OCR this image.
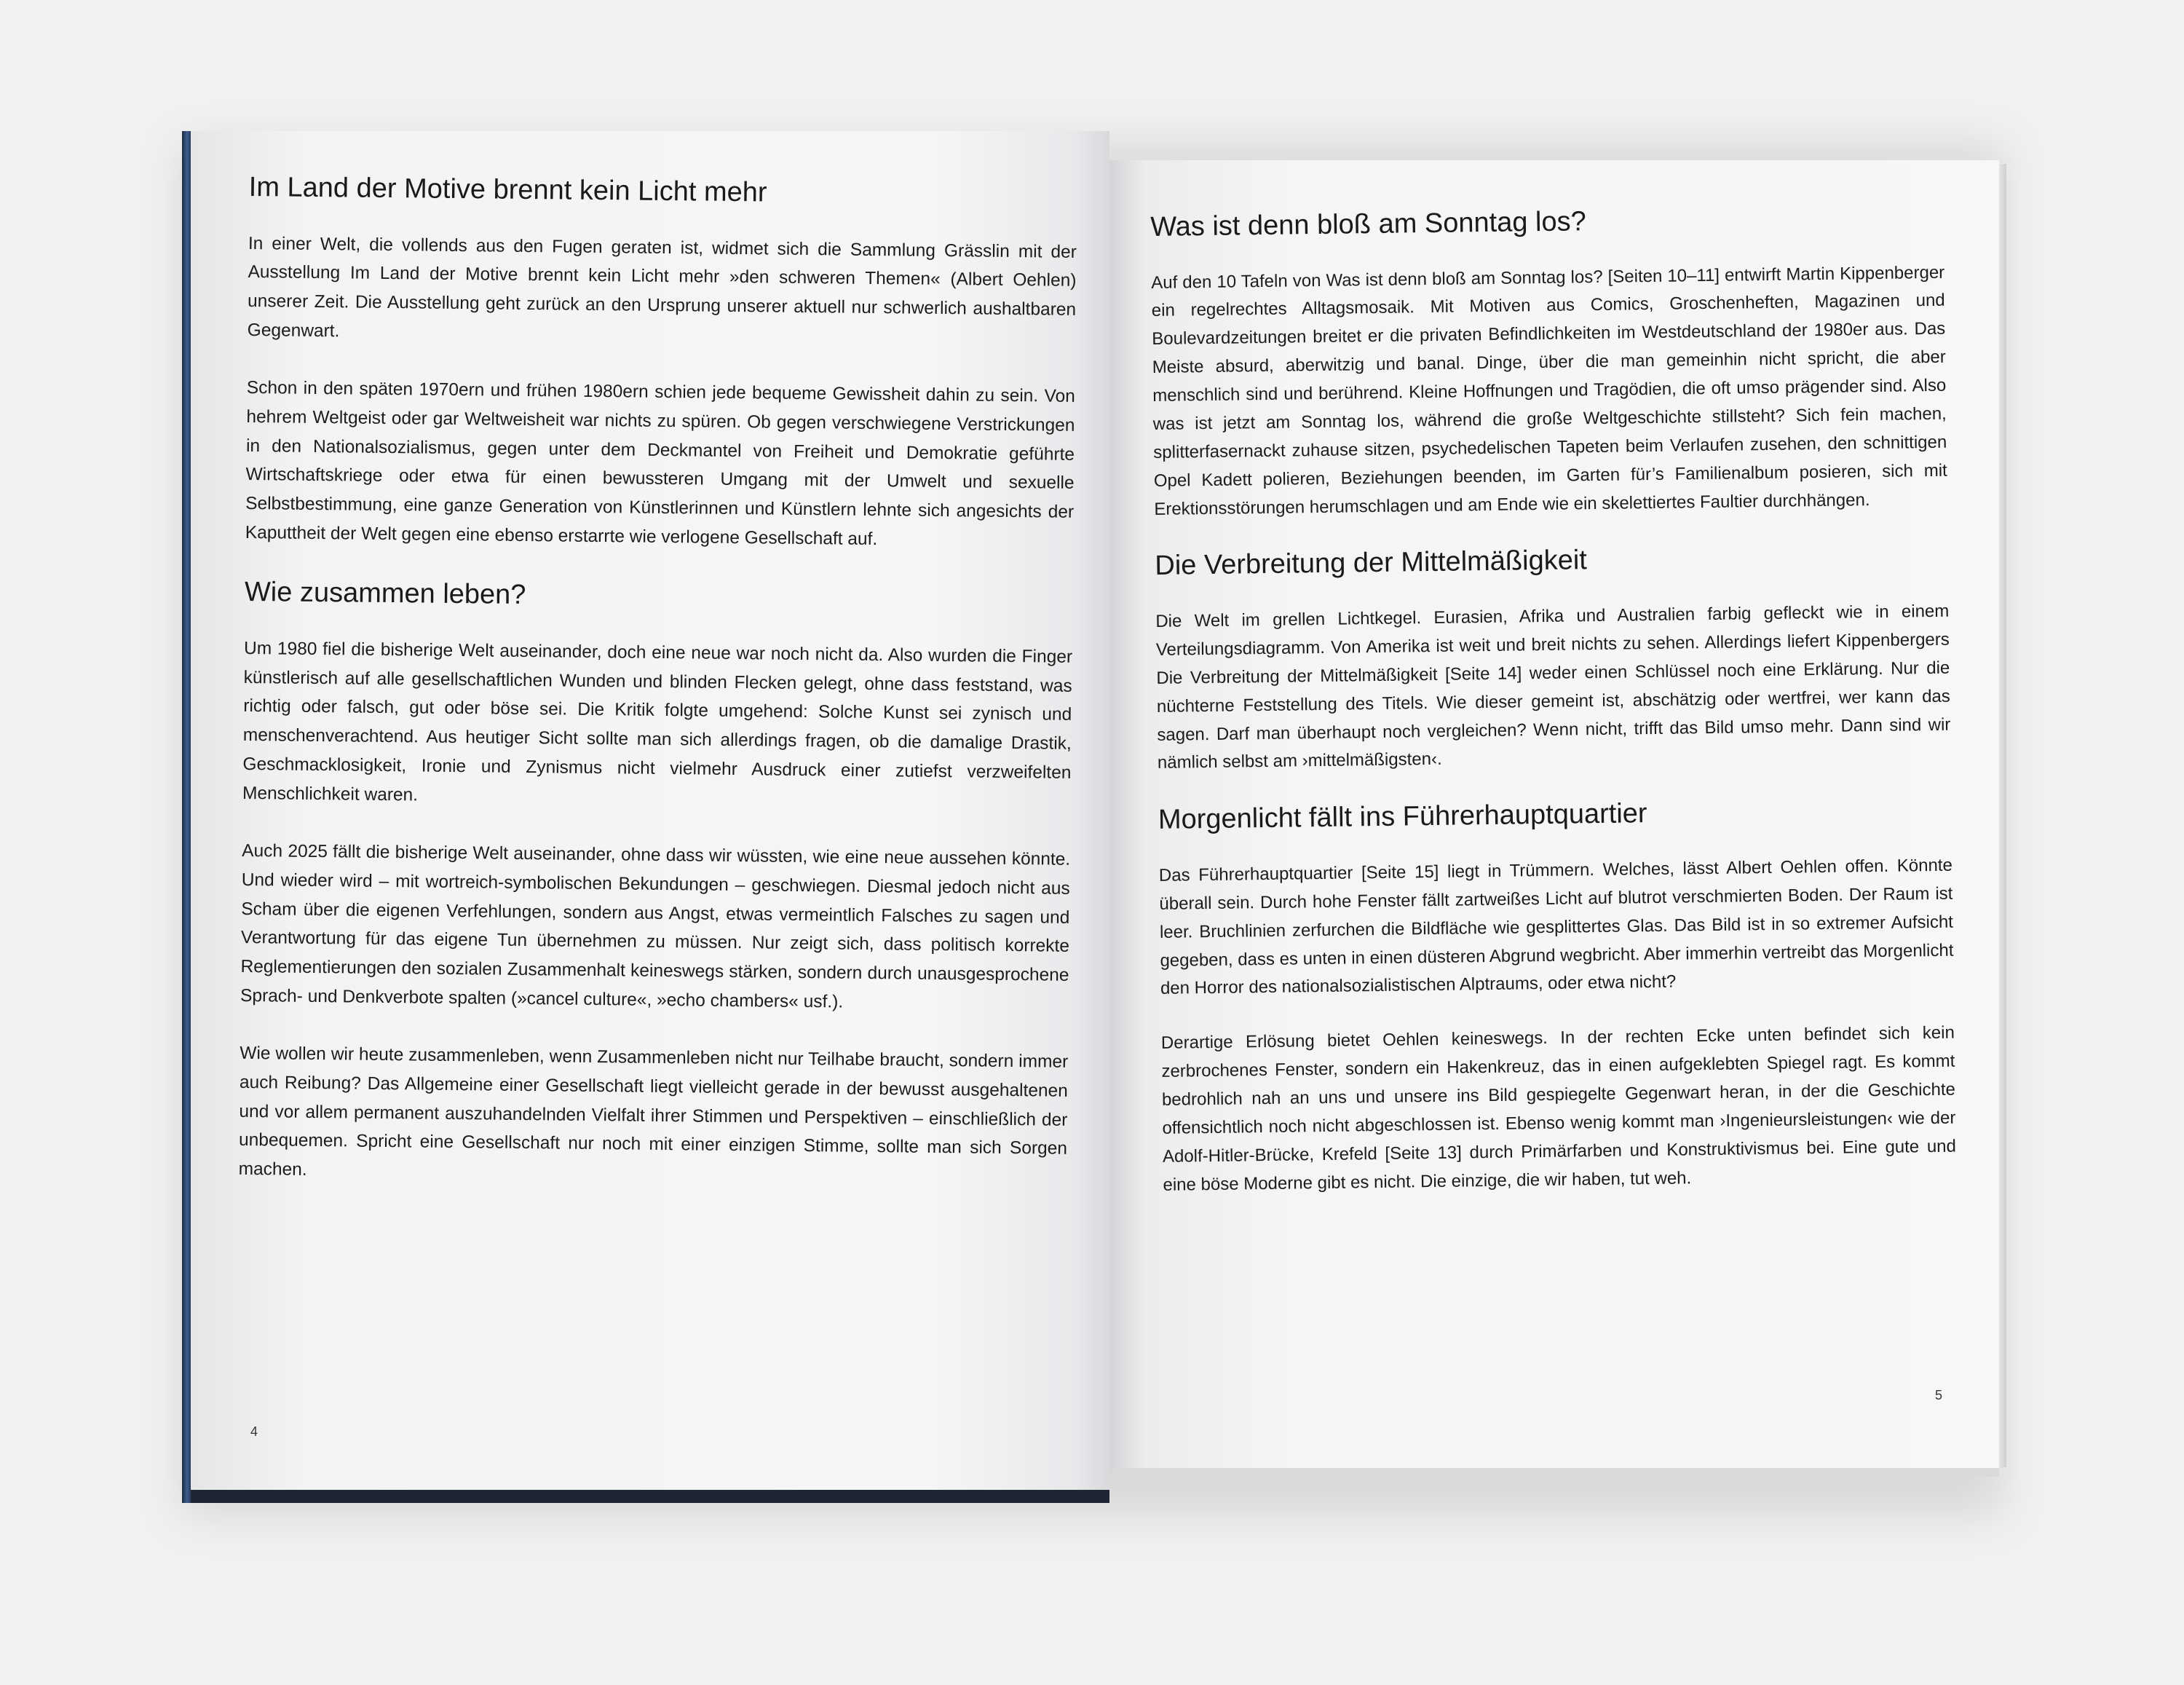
Im Land der Motive brennt kein Licht mehr

In einer Welt, die vollends aus den Fugen geraten ist, widmet sich die Sammlung Grässlin mit der Ausstellung Im Land der Motive brennt kein Licht mehr »den schweren Themen« (Albert Oehlen) unserer Zeit. Die Ausstellung geht zurück an den Ursprung unserer aktuell nur schwerlich aushaltbaren Gegenwart.

Schon in den späten 1970ern und frühen 1980ern schien jede bequeme Gewissheit dahin zu sein. Von hehrem Weltgeist oder gar Weltweisheit war nichts zu spüren. Ob gegen verschwiegene Verstrickungen in den Nationalsozialismus, gegen unter dem Deckmantel von Freiheit und Demokratie geführte Wirtschaftskriege oder etwa für einen bewussteren Umgang mit der Umwelt und sexuelle Selbstbestimmung, eine ganze Generation von Künstlerinnen und Künstlern lehnte sich angesichts der Kaputtheit der Welt gegen eine ebenso erstarrte wie verlogene Gesellschaft auf.

Wie zusammen leben?

Um 1980 fiel die bisherige Welt auseinander, doch eine neue war noch nicht da. Also wurden die Finger künstlerisch auf alle gesellschaftlichen Wunden und blinden Flecken gelegt, ohne dass feststand, was richtig oder falsch, gut oder böse sei. Die Kritik folgte umgehend: Solche Kunst sei zynisch und menschenverachtend. Aus heutiger Sicht sollte man sich allerdings fragen, ob die damalige Drastik, Geschmacklosigkeit, Ironie und Zynismus nicht vielmehr Ausdruck einer zutiefst verzweifelten Menschlichkeit waren.

Auch 2025 fällt die bisherige Welt auseinander, ohne dass wir wüssten, wie eine neue aussehen könnte. Und wieder wird – mit wortreich-symbolischen Bekundungen – geschwiegen. Diesmal jedoch nicht aus Scham über die eigenen Verfehlungen, sondern aus Angst, etwas vermeintlich Falsches zu sagen und Verantwortung für das eigene Tun übernehmen zu müssen. Nur zeigt sich, dass politisch korrekte Reglementierungen den sozialen Zusammenhalt keineswegs stärken, sondern durch unausgesprochene Sprach- und Denkverbote spalten (»cancel culture«, »echo chambers« usf.).

Wie wollen wir heute zusammenleben, wenn Zusammenleben nicht nur Teilhabe braucht, sondern immer auch Reibung? Das Allgemeine einer Gesellschaft liegt vielleicht gerade in der bewusst ausgehaltenen und vor allem permanent auszuhandelnden Vielfalt ihrer Stimmen und Perspektiven – einschließlich der unbequemen. Spricht eine Gesellschaft nur noch mit einer einzigen Stimme, sollte man sich Sorgen machen.

4
Was ist denn bloß am Sonntag los?

Auf den 10 Tafeln von Was ist denn bloß am Sonntag los? [Seiten 10–11] entwirft Martin Kippenberger ein regelrechtes Alltagsmosaik. Mit Motiven aus Comics, Groschenheften, Magazinen und Boulevardzeitungen breitet er die privaten Befindlichkeiten im Westdeutschland der 1980er aus. Das Meiste absurd, aberwitzig und banal. Dinge, über die man gemeinhin nicht spricht, die aber menschlich sind und berührend. Kleine Hoffnungen und Tragödien, die oft umso prägender sind. Also was ist jetzt am Sonntag los, während die große Weltgeschichte stillsteht? Sich fein machen, splitterfasernackt zuhause sitzen, psychedelischen Tapeten beim Verlaufen zusehen, den schnittigen Opel Kadett polieren, Beziehungen beenden, im Garten für’s Familienalbum posieren, sich mit Erektionsstörungen herumschlagen und am Ende wie ein skelettiertes Faultier durchhängen.

Die Verbreitung der Mittelmäßigkeit

Die Welt im grellen Lichtkegel. Eurasien, Afrika und Australien farbig gefleckt wie in einem Verteilungsdiagramm. Von Amerika ist weit und breit nichts zu sehen. Allerdings liefert Kippenbergers Die Verbreitung der Mittelmäßigkeit [Seite 14] weder einen Schlüssel noch eine Erklärung. Nur die nüchterne Feststellung des Titels. Wie dieser gemeint ist, abschätzig oder wertfrei, wer kann das sagen. Darf man überhaupt noch vergleichen? Wenn nicht, trifft das Bild umso mehr. Dann sind wir nämlich selbst am ›mittelmäßigsten‹.

Morgenlicht fällt ins Führerhauptquartier

Das Führerhauptquartier [Seite 15] liegt in Trümmern. Welches, lässt Albert Oehlen offen. Könnte überall sein. Durch hohe Fenster fällt zartweißes Licht auf blutrot verschmierten Boden. Der Raum ist leer. Bruchlinien zerfurchen die Bildfläche wie gesplittertes Glas. Das Bild ist in so extremer Aufsicht gegeben, dass es unten in einen düsteren Abgrund wegbricht. Aber immerhin vertreibt das Morgenlicht den Horror des nationalsozialistischen Alptraums, oder etwa nicht?

Derartige Erlösung bietet Oehlen keineswegs. In der rechten Ecke unten befindet sich kein zerbrochenes Fenster, sondern ein Hakenkreuz, das in einen aufgeklebten Spiegel ragt. Es kommt bedrohlich nah an uns und unsere ins Bild gespiegelte Gegenwart heran, in der die Geschichte offensichtlich noch nicht abgeschlossen ist. Ebenso wenig kommt man ›Ingenieursleistungen‹ wie der Adolf-Hitler-Brücke, Krefeld [Seite 13] durch Primärfarben und Konstruktivismus bei. Eine gute und eine böse Moderne gibt es nicht. Die einzige, die wir haben, tut weh.

5
